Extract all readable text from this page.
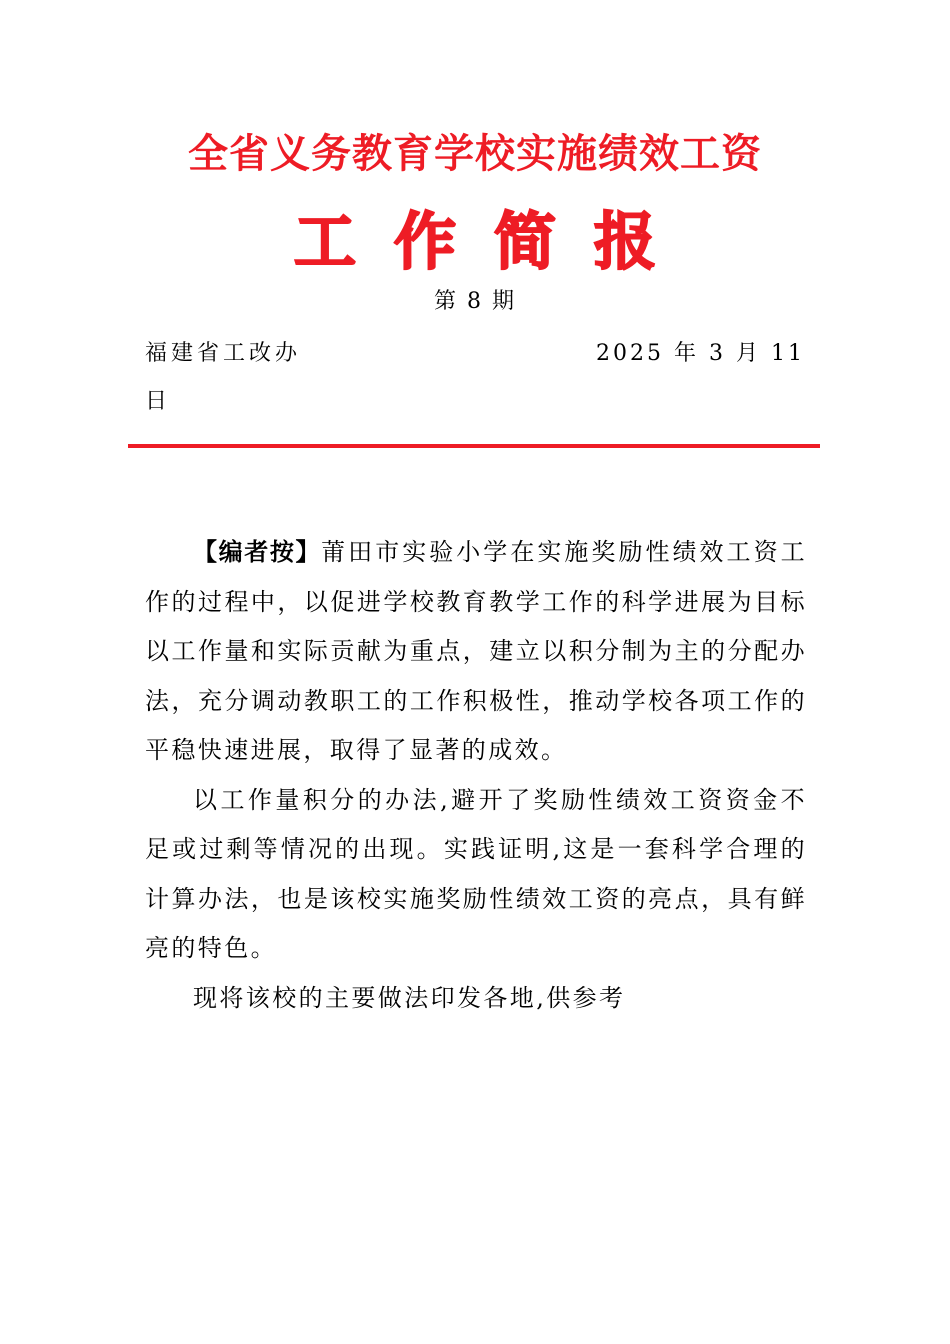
全省义务教育学校实施绩效工资
工作简报
第 8 期
福建省工改办	2025 年 3 月 11
日

【编者按】莆田市实验小学在实施奖励性绩效工资工作的过程中，以促进学校教育教学工作的科学进展为目标以工作量和实际贡献为重点，建立以积分制为主的分配办法，充分调动教职工的工作积极性，推动学校各项工作的平稳快速进展，取得了显著的成效。

以工作量积分的办法,避开了奖励性绩效工资资金不足或过剩等情况的出现。实践证明,这是一套科学合理的计算办法，也是该校实施奖励性绩效工资的亮点，具有鲜亮的特色。

现将该校的主要做法印发各地,供参考
